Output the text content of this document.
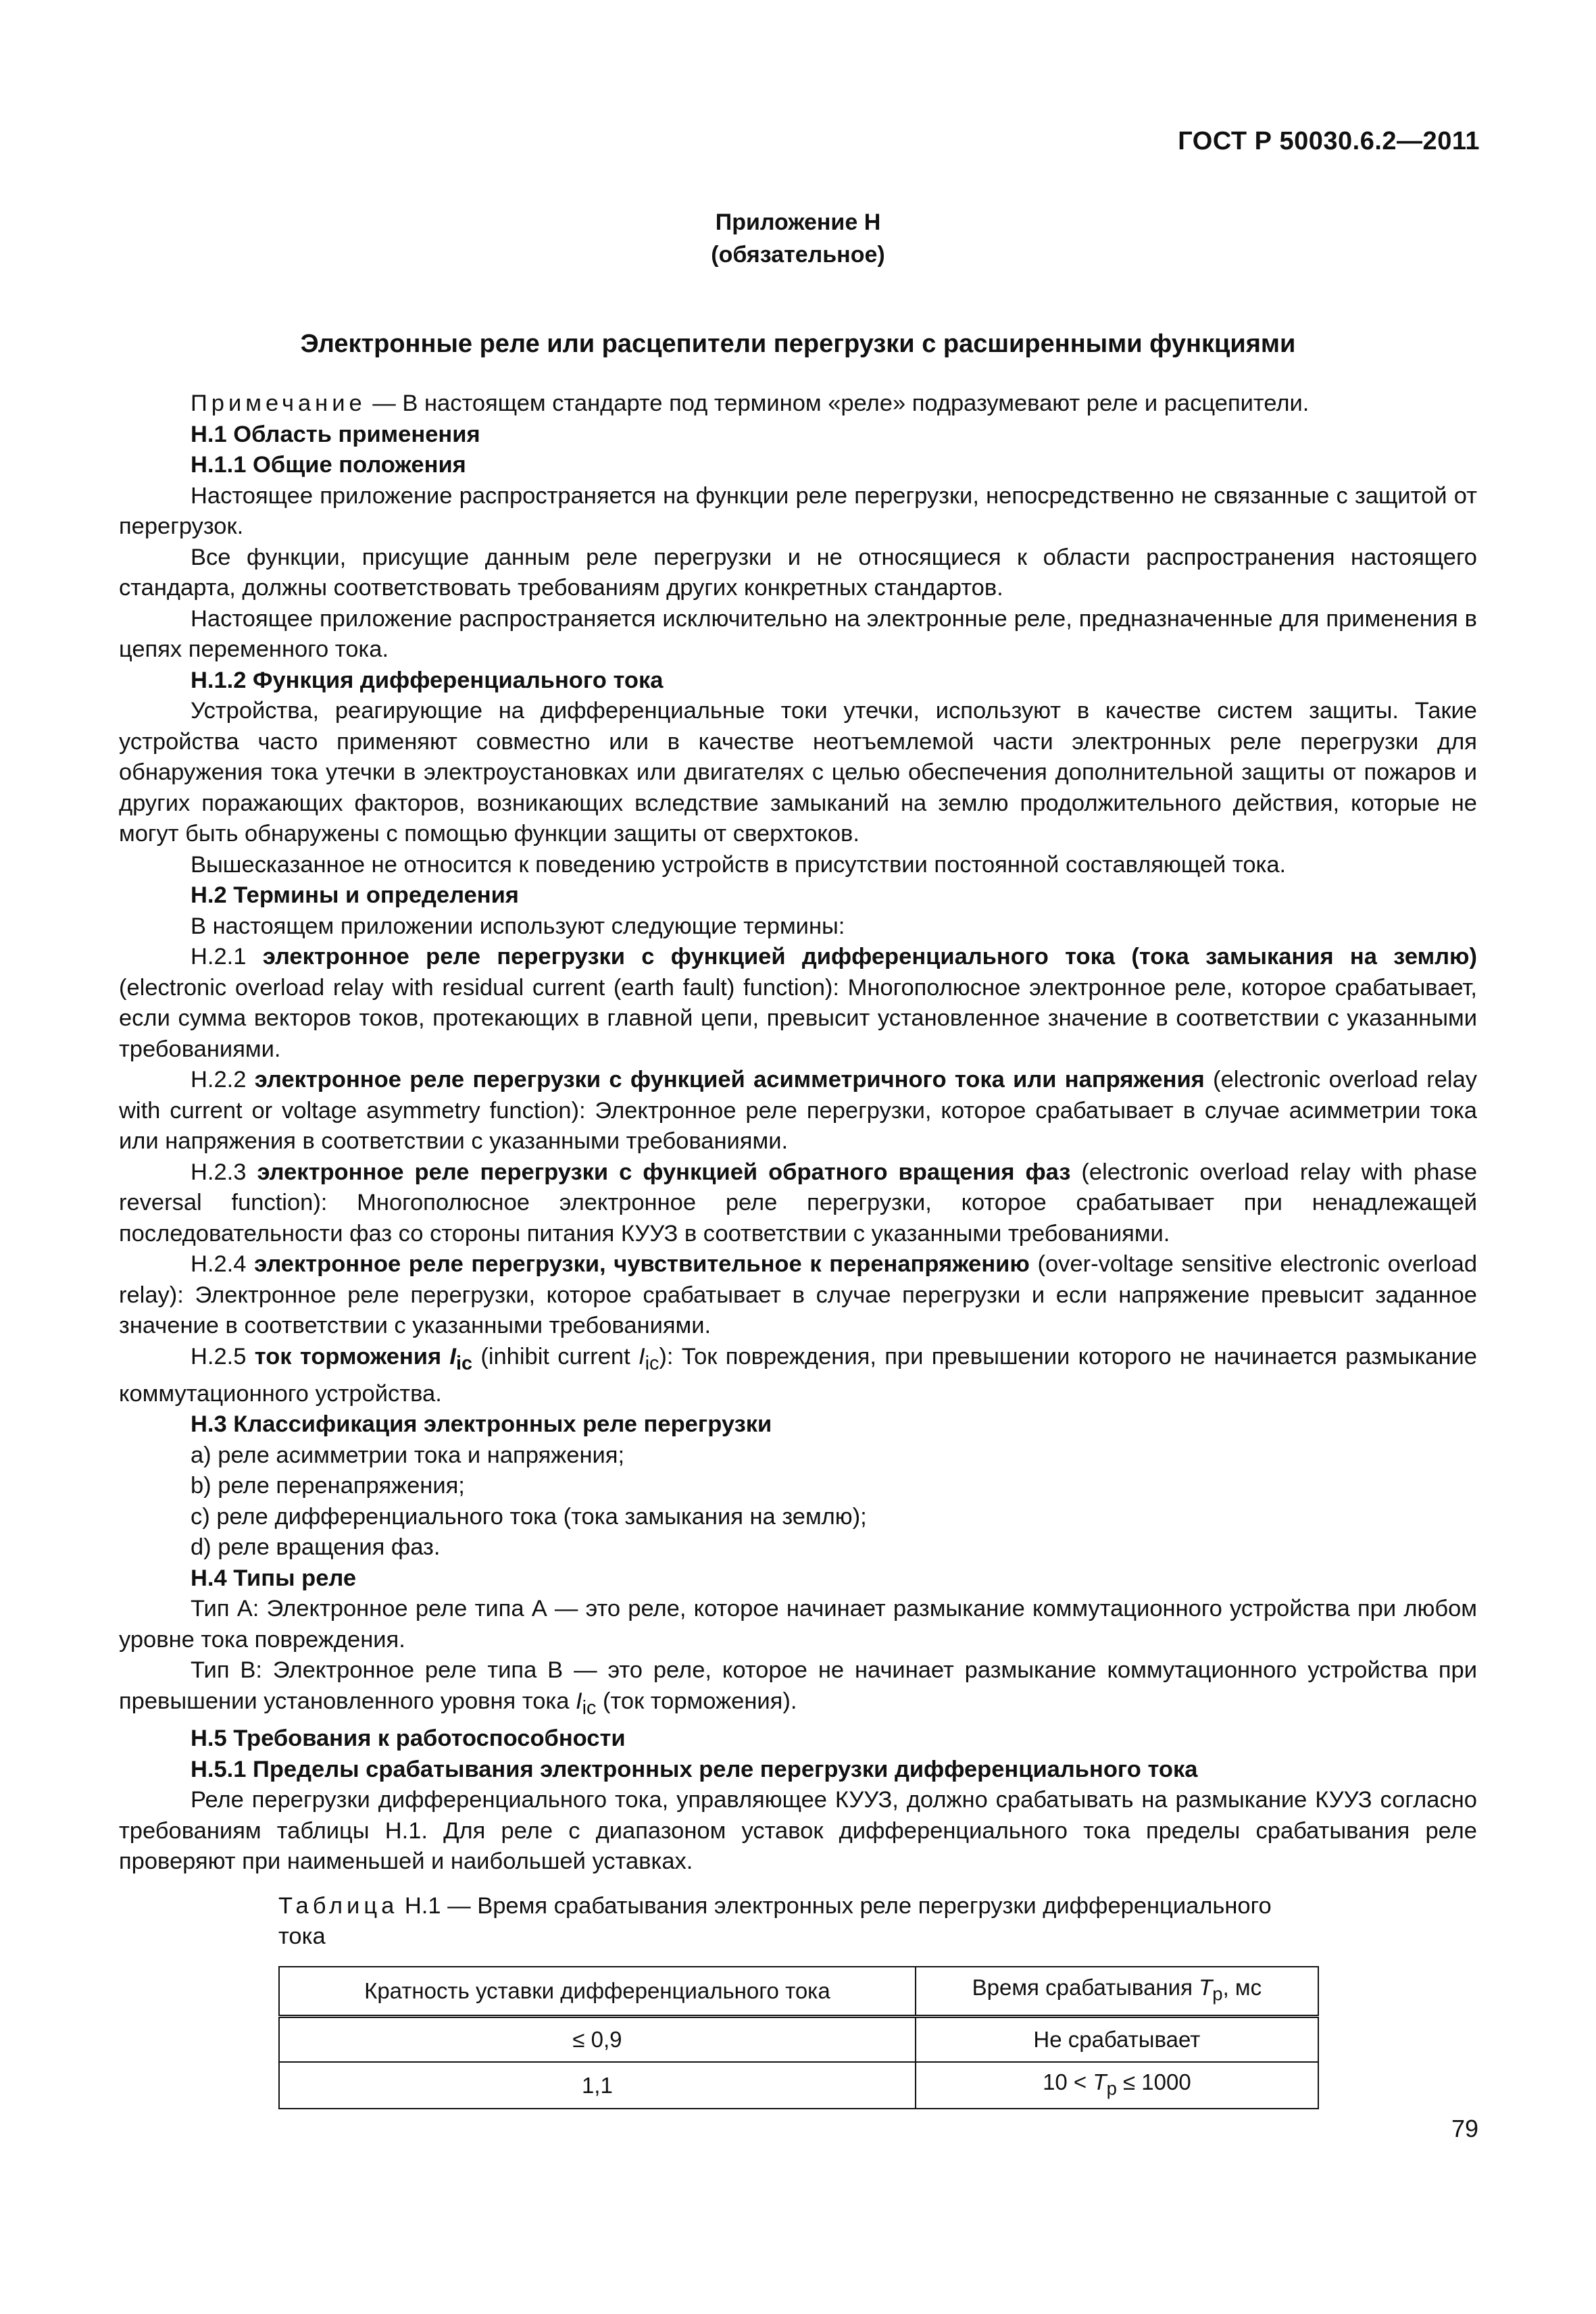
ГОСТ Р 50030.6.2—2011
Приложение Н
(обязательное)
Электронные реле или расцепители перегрузки с расширенными функциями

Примечание — В настоящем стандарте под термином «реле» подразумевают реле и расцепители.

Н.1 Область применения

Н.1.1 Общие положения

Настоящее приложение распространяется на функции реле перегрузки, непосредственно не связанные с защитой от перегрузок.

Все функции, присущие данным реле перегрузки и не относящиеся к области распространения настоящего стандарта, должны соответствовать требованиям других конкретных стандартов.

Настоящее приложение распространяется исключительно на электронные реле, предназначенные для применения в цепях переменного тока.

Н.1.2 Функция дифференциального тока

Устройства, реагирующие на дифференциальные токи утечки, используют в качестве систем защиты. Такие устройства часто применяют совместно или в качестве неотъемлемой части электронных реле перегрузки для обнаружения тока утечки в электроустановках или двигателях с целью обеспечения дополнительной защиты от пожаров и других поражающих факторов, возникающих вследствие замыканий на землю продолжительного действия, которые не могут быть обнаружены с помощью функции защиты от сверхтоков.

Вышесказанное не относится к поведению устройств в присутствии постоянной составляющей тока.

Н.2 Термины и определения

В настоящем приложении используют следующие термины:

Н.2.1 электронное реле перегрузки с функцией дифференциального тока (тока замыкания на землю) (electronic overload relay with residual current (earth fault) function): Многополюсное электронное реле, которое срабатывает, если сумма векторов токов, протекающих в главной цепи, превысит установленное значение в соответствии с указанными требованиями.

Н.2.2 электронное реле перегрузки с функцией асимметричного тока или напряжения (electronic overload relay with current or voltage asymmetry function): Электронное реле перегрузки, которое срабатывает в случае асимметрии тока или напряжения в соответствии с указанными требованиями.

Н.2.3 электронное реле перегрузки с функцией обратного вращения фаз (electronic overload relay with phase reversal function): Многополюсное электронное реле перегрузки, которое срабатывает при ненадлежащей последовательности фаз со стороны питания КУУЗ в соответствии с указанными требованиями.

Н.2.4 электронное реле перегрузки, чувствительное к перенапряжению (over-voltage sensitive electronic overload relay): Электронное реле перегрузки, которое срабатывает в случае перегрузки и если напряжение превысит заданное значение в соответствии с указанными требованиями.

Н.2.5 ток торможения $I_{ic}$ (inhibit current $I_{ic}$): Ток повреждения, при превышении которого не начинается размыкание коммутационного устройства.

Н.3 Классификация электронных реле перегрузки

a) реле асимметрии тока и напряжения;

b) реле перенапряжения;

c) реле дифференциального тока (тока замыкания на землю);

d) реле вращения фаз.

Н.4 Типы реле

Тип А: Электронное реле типа А — это реле, которое начинает размыкание коммутационного устройства при любом уровне тока повреждения.

Тип В: Электронное реле типа В — это реле, которое не начинает размыкание коммутационного устройства при превышении установленного уровня тока $I_{ic}$ (ток торможения).

Н.5 Требования к работоспособности

Н.5.1 Пределы срабатывания электронных реле перегрузки дифференциального тока

Реле перегрузки дифференциального тока, управляющее КУУЗ, должно срабатывать на размыкание КУУЗ согласно требованиям таблицы Н.1. Для реле с диапазоном уставок дифференциального тока пределы срабатывания реле проверяют при наименьшей и наибольшей уставках.

Таблица Н.1 — Время срабатывания электронных реле перегрузки дифференциального тока
Кратность уставки дифференциального тока	Время срабатывания $T_р$, мс
≤ 0,9	Не срабатывает
1,1	$10 < T_р \le 1000$
79
